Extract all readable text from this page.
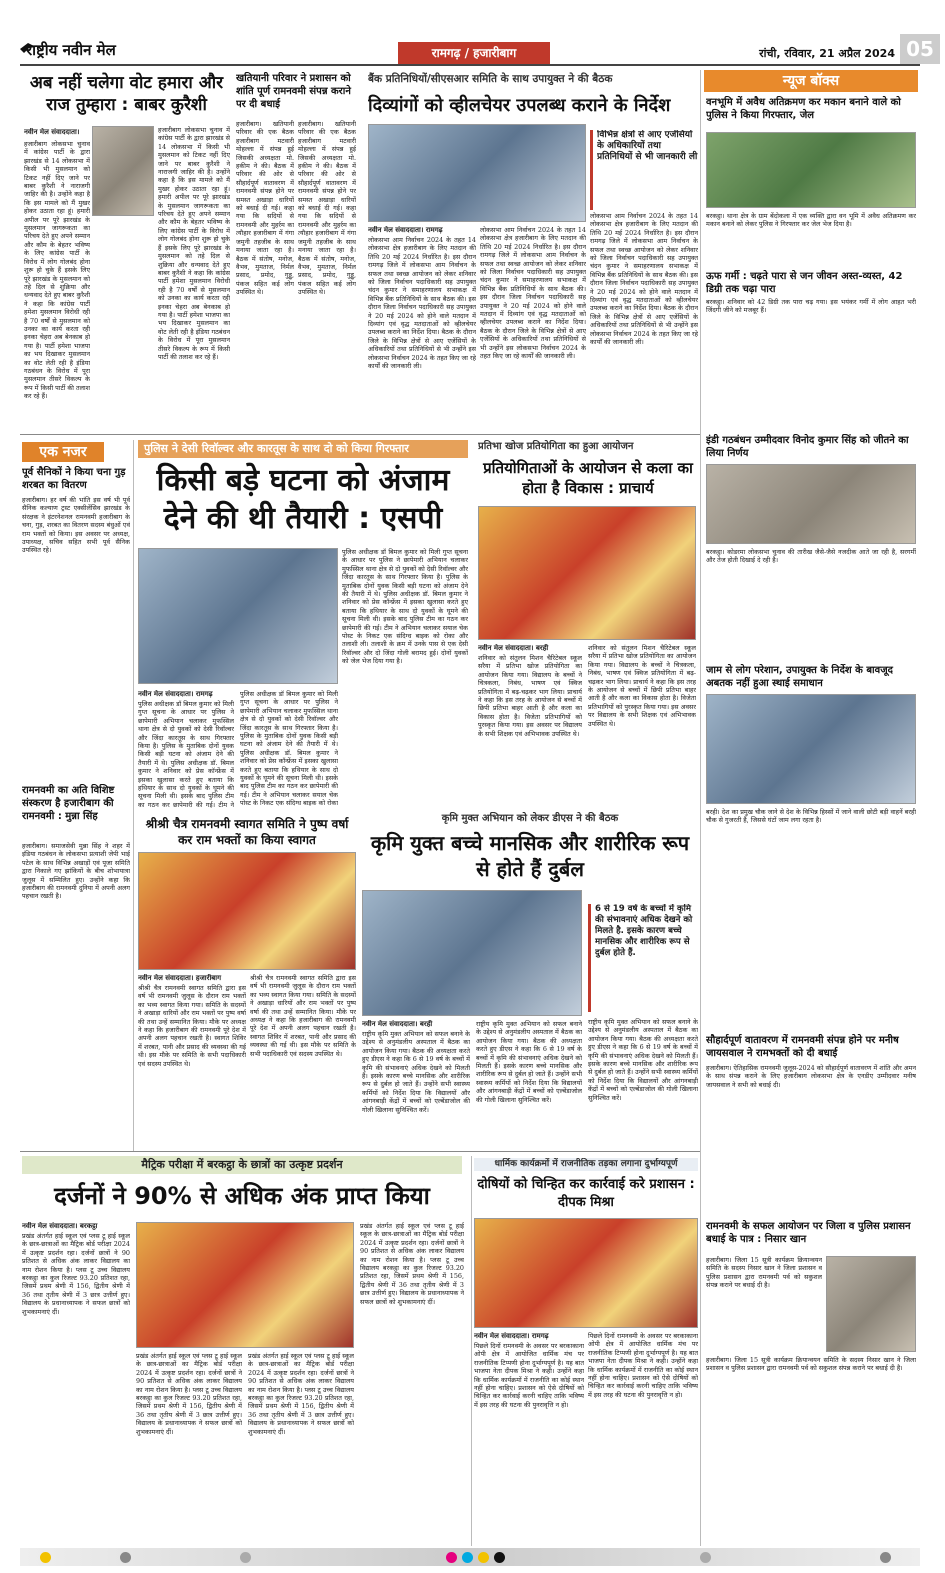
राष्ट्रीय नवीन मेल	रामगढ़ / हजारीबाग	रांची, रविवार, 21 अप्रैल 2024 05
अब नहीं चलेगा वोट हमारा और राज तुम्हारा : बाबर कुरैशी
नवीन मेल संवाददाता।
हजारीबाग लोकसभा चुनाव में कांग्रेस पार्टी के द्वारा झारखंड से 14 लोकसभा में किसी भी मुसलमान को टिकट नहीं दिए जाने पर बाबर कुरैशी ने नाराजगी जाहिर की है। उन्होंने कहा है कि इस मामले को मैं मुखर होकर उठाता रहा हूं। हमारी अपील पर पूरे झारखंड के मुसलमान जागरूकता का परिचय देते हुए अपने सम्मान और कौम के बेहतर भविष्य के लिए कांग्रेस पार्टी के विरोध में लोग गोलबंद होना शुरू हो चुके हैं इसके लिए पूरे झारखंड के मुसलमान को तहे दिल से शुक्रिया और धन्यवाद देते हुए बाबर कुरैशी ने कहा कि कांग्रेस पार्टी हमेशा मुसलमान विरोधी रही है 70 वर्षों से मुसलमान को उनका का कार्य करता रही इनका चेहरा अब बेनकाब हो गया है। पार्टी हमेशा भाजपा का भय दिखाकर मुसलमान का वोट लेती रही है इंडिया गठबंधन के विरोध में पूरा मुसलमान तीसरे विकल्प के रूप में किसी पार्टी की तलाश कर रहे हैं।
हजारीबाग लोकसभा चुनाव में कांग्रेस पार्टी के द्वारा झारखंड से 14 लोकसभा में किसी भी मुसलमान को टिकट नहीं दिए जाने पर बाबर कुरैशी ने नाराजगी जाहिर की है। उन्होंने कहा है कि इस मामले को मैं मुखर होकर उठाता रहा हूं। हमारी अपील पर पूरे झारखंड के मुसलमान जागरूकता का परिचय देते हुए अपने सम्मान और कौम के बेहतर भविष्य के लिए कांग्रेस पार्टी के विरोध में लोग गोलबंद होना शुरू हो चुके हैं इसके लिए पूरे झारखंड के मुसलमान को तहे दिल से शुक्रिया और धन्यवाद देते हुए बाबर कुरैशी ने कहा कि कांग्रेस पार्टी हमेशा मुसलमान विरोधी रही है 70 वर्षों से मुसलमान को उनका का कार्य करता रही इनका चेहरा अब बेनकाब हो गया है। पार्टी हमेशा भाजपा का भय दिखाकर मुसलमान का वोट लेती रही है इंडिया गठबंधन के विरोध में पूरा मुसलमान तीसरे विकल्प के रूप में किसी पार्टी की तलाश कर रहे हैं।
खतियानी परिवार ने प्रशासन को शांति पूर्ण रामनवमी संपन्न कराने पर दी बधाई
हजारीबाग। खतियानी परिवार की एक बैठक हजारीबाग मटवारी मोहल्ला में संपन्न हुई जिसकी अध्यक्षता मो. हकीम ने की। बैठक में परिवार की ओर से सौहार्दपूर्ण वातावरण में रामनवमी संपन्न होने पर समस्त अखाड़ा धारियों को बधाई दी गई। कहा गया कि सदियों से रामनवमी और मुहर्रम का त्यौहार हजारीबाग में गंगा जमुनी तहजीब के साथ मनाया जाता रहा है। बैठक में संतोष, मनोज, वैभव, मुमताज, निर्मल प्रसाद, प्रमोद, गुड्डू, पंकज सहित कई लोग उपस्थित थे।
हजारीबाग। खतियानी परिवार की एक बैठक हजारीबाग मटवारी मोहल्ला में संपन्न हुई जिसकी अध्यक्षता मो. हकीम ने की। बैठक में परिवार की ओर से सौहार्दपूर्ण वातावरण में रामनवमी संपन्न होने पर समस्त अखाड़ा धारियों को बधाई दी गई। कहा गया कि सदियों से रामनवमी और मुहर्रम का त्यौहार हजारीबाग में गंगा जमुनी तहजीब के साथ मनाया जाता रहा है। बैठक में संतोष, मनोज, वैभव, मुमताज, निर्मल प्रसाद, प्रमोद, गुड्डू, पंकज सहित कई लोग उपस्थित थे।
बैंक प्रतिनिधियों/सीएसआर समिति के साथ उपायुक्त ने की बैठक
दिव्यांगों को व्हीलचेयर उपलब्ध कराने के निर्देश
विभिन्न क्षेत्रों से आए एजेंसियों के अधिकारियों तथा प्रतिनिधियों से भी जानकारी ली
नवीन मेल संवाददाता। रामगढ़
लोकसभा आम निर्वाचन 2024 के तहत 14 लोकसभा क्षेत्र हजारीबाग के लिए मतदान की तिथि 20 मई 2024 निर्धारित है। इस दौरान रामगढ़ जिले में लोकसभा आम निर्वाचन के सफल तथा स्वच्छ आयोजन को लेकर शनिवार को जिला निर्वाचन पदाधिकारी सह उपायुक्त चंदन कुमार ने समाहरणालय सभाकक्ष में विभिन्न बैंक प्रतिनिधियों के साथ बैठक की। इस दौरान जिला निर्वाचन पदाधिकारी सह उपायुक्त ने 20 मई 2024 को होने वाले मतदान में दिव्यांग एवं वृद्ध मतदाताओं को व्हीलचेयर उपलब्ध कराने का निर्देश दिया। बैठक के दौरान जिले के विभिन्न क्षेत्रों से आए एजेंसियों के अधिकारियों तथा प्रतिनिधियों से भी उन्होंने इस लोकसभा निर्वाचन 2024 के तहत किए जा रहे कार्यों की जानकारी ली।
लोकसभा आम निर्वाचन 2024 के तहत 14 लोकसभा क्षेत्र हजारीबाग के लिए मतदान की तिथि 20 मई 2024 निर्धारित है। इस दौरान रामगढ़ जिले में लोकसभा आम निर्वाचन के सफल तथा स्वच्छ आयोजन को लेकर शनिवार को जिला निर्वाचन पदाधिकारी सह उपायुक्त चंदन कुमार ने समाहरणालय सभाकक्ष में विभिन्न बैंक प्रतिनिधियों के साथ बैठक की। इस दौरान जिला निर्वाचन पदाधिकारी सह उपायुक्त ने 20 मई 2024 को होने वाले मतदान में दिव्यांग एवं वृद्ध मतदाताओं को व्हीलचेयर उपलब्ध कराने का निर्देश दिया। बैठक के दौरान जिले के विभिन्न क्षेत्रों से आए एजेंसियों के अधिकारियों तथा प्रतिनिधियों से भी उन्होंने इस लोकसभा निर्वाचन 2024 के तहत किए जा रहे कार्यों की जानकारी ली।
लोकसभा आम निर्वाचन 2024 के तहत 14 लोकसभा क्षेत्र हजारीबाग के लिए मतदान की तिथि 20 मई 2024 निर्धारित है। इस दौरान रामगढ़ जिले में लोकसभा आम निर्वाचन के सफल तथा स्वच्छ आयोजन को लेकर शनिवार को जिला निर्वाचन पदाधिकारी सह उपायुक्त चंदन कुमार ने समाहरणालय सभाकक्ष में विभिन्न बैंक प्रतिनिधियों के साथ बैठक की। इस दौरान जिला निर्वाचन पदाधिकारी सह उपायुक्त ने 20 मई 2024 को होने वाले मतदान में दिव्यांग एवं वृद्ध मतदाताओं को व्हीलचेयर उपलब्ध कराने का निर्देश दिया। बैठक के दौरान जिले के विभिन्न क्षेत्रों से आए एजेंसियों के अधिकारियों तथा प्रतिनिधियों से भी उन्होंने इस लोकसभा निर्वाचन 2024 के तहत किए जा रहे कार्यों की जानकारी ली।
न्यूज बॉक्स
वनभूमि में अवैध अतिक्रमण कर मकान बनाने वाले को पुलिस ने किया गिरफ्तार, जेल
बरकट्ठा। थाना क्षेत्र के ग्राम बेंदोकला में एक व्यक्ति द्वारा वन भूमि में अवैध अतिक्रमण कर मकान बनाने को लेकर पुलिस ने गिरफ्तार कर जेल भेज दिया है।
ऊफ गर्मी : चढ़ते पारा से जन जीवन अस्त-व्यस्त, 42 डिग्री तक चढ़ा पारा
बरकट्ठा। शनिवार को 42 डिग्री तक पारा चढ़ गया। इस भयंकर गर्मी में लोग आहत भरी जिंदगी जीने को मजबूर हैं।
इंडी गठबंधन उम्मीदवार विनोद कुमार सिंह को जीतने का लिया निर्णय
बरकट्ठा। कोडरमा लोकसभा चुनाव की तारीख जैसे-जैसे नजदीक आते जा रही है, सरगर्मी और तेज होती दिखाई दे रही है।
जाम से लोग परेशान, उपायुक्त के निर्देश के बावजूद अबतक नहीं हुआ स्थाई समाधान
बरही। देश का प्रमुख चौक जाने से देश के विभिन्न हिस्सों में जाने वाली छोटी बड़ी वाहनें बरही चौक से गुजरती हैं, जिससे घंटों जाम लगा रहता है।
सौहार्दपूर्ण वातावरण में रामनवमी संपन्न होने पर मनीष जायसवाल ने रामभक्तों को दी बधाई
हजारीबाग। ऐतिहासिक रामनवमी जुलूस-2024 को सौहार्दपूर्ण वातावरण में शांति और अमन के साथ संपन्न कराने के लिए हजारीबाग लोकसभा क्षेत्र के एनडीए उम्मीदवार मनीष जायसवाल ने सभी को बधाई दी।
रामनवमी के सफल आयोजन पर जिला व पुलिस प्रशासन बधाई के पात्र : निसार खान
हजारीबाग। जिला 15 सूत्री कार्यक्रम क्रियान्वयन समिति के सदस्य निसार खान ने जिला प्रशासन व पुलिस प्रशासन द्वारा रामनवमी पर्व को सकुशल संपन्न कराने पर बधाई दी है।
हजारीबाग। जिला 15 सूत्री कार्यक्रम क्रियान्वयन समिति के सदस्य निसार खान ने जिला प्रशासन व पुलिस प्रशासन द्वारा रामनवमी पर्व को सकुशल संपन्न कराने पर बधाई दी है।
एक नजर
पूर्व सैनिकों ने किया चना गुड़ शरबत का वितरण
हजारीबाग। हर वर्ष की भांति इस वर्ष भी पूर्व सैनिक कल्याण ट्रस्ट एक्सीलेंसिव झारखंड के संरक्षक ने इंटरनेशनल रामनवमी हजारीबाग के चना, गुड़, शरबत का वितरण सदस्य बंधुओं एवं राम भक्तों को किया। इस अवसर पर अध्यक्ष, उपाध्यक्ष, सचिव सहित सभी पूर्व सैनिक उपस्थित रहे।
रामनवमी का अति विशिष्ट संस्करण है हजारीबाग की रामनवमी : मुन्ना सिंह
हजारीबाग। समाजसेवी मुन्ना सिंह ने शहर में इंडिया गठबंधन के लोकसभा प्रत्याशी जेपी भाई पटेल के साथ विभिन्न अखाड़ों एवं पूजा समिति द्वारा निकाले गए झांकियों के बीच शोभायात्रा जुलूस में सम्मिलित हुए। उन्होंने कहा कि हजारीबाग की रामनवमी दुनिया में अपनी अलग पहचान रखती है।
पुलिस ने देसी रिवॉल्वर और कारतूस के साथ दो को किया गिरफ्तार
किसी बड़े घटना को अंजाम देने की थी तैयारी : एसपी
नवीन मेल संवाददाता। रामगढ़
पुलिस अधीक्षक डॉ बिमल कुमार को मिली गुप्त सूचना के आधार पर पुलिस ने छापेमारी अभियान चलाकर मुफस्सिल थाना क्षेत्र से दो युवकों को देसी रिवॉल्वर और जिंदा कारतूस के साथ गिरफ्तार किया है। पुलिस के मुताबिक दोनों युवक किसी बड़ी घटना को अंजाम देने की तैयारी में थे। पुलिस अधीक्षक डॉ. बिमल कुमार ने शनिवार को प्रेस कॉन्फ्रेंस में इसका खुलासा करते हुए बताया कि हथियार के साथ दो युवकों के घूमने की सूचना मिली थी। इसके बाद पुलिस टीम का गठन कर छापेमारी की गई। टीम ने
पुलिस अधीक्षक डॉ बिमल कुमार को मिली गुप्त सूचना के आधार पर पुलिस ने छापेमारी अभियान चलाकर मुफस्सिल थाना क्षेत्र से दो युवकों को देसी रिवॉल्वर और जिंदा कारतूस के साथ गिरफ्तार किया है। पुलिस के मुताबिक दोनों युवक किसी बड़ी घटना को अंजाम देने की तैयारी में थे। पुलिस अधीक्षक डॉ. बिमल कुमार ने शनिवार को प्रेस कॉन्फ्रेंस में इसका खुलासा करते हुए बताया कि हथियार के साथ दो युवकों के घूमने की सूचना मिली थी। इसके बाद पुलिस टीम का गठन कर छापेमारी की गई। टीम ने अभियान चलाकर सयाल चेक पोस्ट के निकट एक संदिग्ध बाइक को रोका
पुलिस अधीक्षक डॉ बिमल कुमार को मिली गुप्त सूचना के आधार पर पुलिस ने छापेमारी अभियान चलाकर मुफस्सिल थाना क्षेत्र से दो युवकों को देसी रिवॉल्वर और जिंदा कारतूस के साथ गिरफ्तार किया है। पुलिस के मुताबिक दोनों युवक किसी बड़ी घटना को अंजाम देने की तैयारी में थे। पुलिस अधीक्षक डॉ. बिमल कुमार ने शनिवार को प्रेस कॉन्फ्रेंस में इसका खुलासा करते हुए बताया कि हथियार के साथ दो युवकों के घूमने की सूचना मिली थी। इसके बाद पुलिस टीम का गठन कर छापेमारी की गई। टीम ने अभियान चलाकर सयाल चेक पोस्ट के निकट एक संदिग्ध बाइक को रोका और तलाशी ली। तलाशी के क्रम में उनके पास से एक देसी रिवॉल्वर और दो जिंदा गोली बरामद हुई। दोनों युवकों को जेल भेज दिया गया है।
प्रतिभा खोज प्रतियोगिता का हुआ आयोजन
प्रतियोगिताओं के आयोजन से कला का होता है विकास : प्राचार्य
नवीन मेल संवाददाता। बरही
शनिवार को संतुलन मिशन चैरिटेबल स्कूल सरैया में प्रतिभा खोज प्रतियोगिता का आयोजन किया गया। विद्यालय के बच्चों ने चित्रकला, निबंध, भाषण एवं क्विज प्रतियोगिता में बढ़-चढ़कर भाग लिया। प्राचार्य ने कहा कि इस तरह के आयोजन से बच्चों में छिपी प्रतिभा बाहर आती है और कला का विकास होता है। विजेता प्रतिभागियों को पुरस्कृत किया गया। इस अवसर पर विद्यालय के सभी शिक्षक एवं अभिभावक उपस्थित थे।
शनिवार को संतुलन मिशन चैरिटेबल स्कूल सरैया में प्रतिभा खोज प्रतियोगिता का आयोजन किया गया। विद्यालय के बच्चों ने चित्रकला, निबंध, भाषण एवं क्विज प्रतियोगिता में बढ़-चढ़कर भाग लिया। प्राचार्य ने कहा कि इस तरह के आयोजन से बच्चों में छिपी प्रतिभा बाहर आती है और कला का विकास होता है। विजेता प्रतिभागियों को पुरस्कृत किया गया। इस अवसर पर विद्यालय के सभी शिक्षक एवं अभिभावक उपस्थित थे।
श्रीश्री चैत्र रामनवमी स्वागत समिति ने पुष्प वर्षा कर राम भक्तों का किया स्वागत
नवीन मेल संवाददाता। हजारीबाग
श्रीश्री चैत्र रामनवमी स्वागत समिति द्वारा इस वर्ष भी रामनवमी जुलूस के दौरान राम भक्तों का भव्य स्वागत किया गया। समिति के सदस्यों ने अखाड़ा धारियों और राम भक्तों पर पुष्प वर्षा की तथा उन्हें सम्मानित किया। मौके पर अध्यक्ष ने कहा कि हजारीबाग की रामनवमी पूरे देश में अपनी अलग पहचान रखती है। स्वागत शिविर में शरबत, पानी और प्रसाद की व्यवस्था की गई थी। इस मौके पर समिति के सभी पदाधिकारी एवं सदस्य उपस्थित थे।
श्रीश्री चैत्र रामनवमी स्वागत समिति द्वारा इस वर्ष भी रामनवमी जुलूस के दौरान राम भक्तों का भव्य स्वागत किया गया। समिति के सदस्यों ने अखाड़ा धारियों और राम भक्तों पर पुष्प वर्षा की तथा उन्हें सम्मानित किया। मौके पर अध्यक्ष ने कहा कि हजारीबाग की रामनवमी पूरे देश में अपनी अलग पहचान रखती है। स्वागत शिविर में शरबत, पानी और प्रसाद की व्यवस्था की गई थी। इस मौके पर समिति के सभी पदाधिकारी एवं सदस्य उपस्थित थे।
कृमि मुक्त अभियान को लेकर डीएस ने की बैठक
कृमि युक्त बच्चे मानसिक और शारीरिक रूप से होते हैं दुर्बल
6 से 19 वर्ष के बच्चों में कृमि की संभावनाएं अधिक देखने को मिलते है. इसके कारण बच्चे मानसिक और शारीरिक रूप से दुर्बल होते हैं.
नवीन मेल संवाददाता। बरही
राष्ट्रीय कृमि मुक्त अभियान को सफल बनाने के उद्देश्य से अनुमंडलीय अस्पताल में बैठक का आयोजन किया गया। बैठक की अध्यक्षता करते हुए डीएस ने कहा कि 6 से 19 वर्ष के बच्चों में कृमि की संभावनाएं अधिक देखने को मिलती हैं। इसके कारण बच्चे मानसिक और शारीरिक रूप से दुर्बल हो जाते हैं। उन्होंने सभी स्वास्थ्य कर्मियों को निर्देश दिया कि विद्यालयों और आंगनबाड़ी केंद्रों में बच्चों को एल्बेंडाजोल की गोली खिलाना सुनिश्चित करें।
राष्ट्रीय कृमि मुक्त अभियान को सफल बनाने के उद्देश्य से अनुमंडलीय अस्पताल में बैठक का आयोजन किया गया। बैठक की अध्यक्षता करते हुए डीएस ने कहा कि 6 से 19 वर्ष के बच्चों में कृमि की संभावनाएं अधिक देखने को मिलती हैं। इसके कारण बच्चे मानसिक और शारीरिक रूप से दुर्बल हो जाते हैं। उन्होंने सभी स्वास्थ्य कर्मियों को निर्देश दिया कि विद्यालयों और आंगनबाड़ी केंद्रों में बच्चों को एल्बेंडाजोल की गोली खिलाना सुनिश्चित करें।
राष्ट्रीय कृमि मुक्त अभियान को सफल बनाने के उद्देश्य से अनुमंडलीय अस्पताल में बैठक का आयोजन किया गया। बैठक की अध्यक्षता करते हुए डीएस ने कहा कि 6 से 19 वर्ष के बच्चों में कृमि की संभावनाएं अधिक देखने को मिलती हैं। इसके कारण बच्चे मानसिक और शारीरिक रूप से दुर्बल हो जाते हैं। उन्होंने सभी स्वास्थ्य कर्मियों को निर्देश दिया कि विद्यालयों और आंगनबाड़ी केंद्रों में बच्चों को एल्बेंडाजोल की गोली खिलाना सुनिश्चित करें।
मैट्रिक परीक्षा में बरकट्ठा के छात्रों का उत्कृष्ट प्रदर्शन
दर्जनों ने 90% से अधिक अंक प्राप्त किया
नवीन मेल संवाददाता। बरकट्ठा
प्रखंड अंतर्गत हाई स्कूल एवं प्लस टू हाई स्कूल के छात्र-छात्राओं का मैट्रिक बोर्ड परीक्षा 2024 में उत्कृष्ट प्रदर्शन रहा। दर्जनों छात्रों ने 90 प्रतिशत से अधिक अंक लाकर विद्यालय का नाम रोशन किया है। प्लस टू उच्च विद्यालय बरकट्ठा का कुल रिजल्ट 93.20 प्रतिशत रहा, जिसमें प्रथम श्रेणी में 156, द्वितीय श्रेणी में 36 तथा तृतीय श्रेणी में 3 छात्र उत्तीर्ण हुए। विद्यालय के प्रधानाध्यापक ने सफल छात्रों को शुभकामनाएं दीं।
प्रखंड अंतर्गत हाई स्कूल एवं प्लस टू हाई स्कूल के छात्र-छात्राओं का मैट्रिक बोर्ड परीक्षा 2024 में उत्कृष्ट प्रदर्शन रहा। दर्जनों छात्रों ने 90 प्रतिशत से अधिक अंक लाकर विद्यालय का नाम रोशन किया है। प्लस टू उच्च विद्यालय बरकट्ठा का कुल रिजल्ट 93.20 प्रतिशत रहा, जिसमें प्रथम श्रेणी में 156, द्वितीय श्रेणी में 36 तथा तृतीय श्रेणी में 3 छात्र उत्तीर्ण हुए। विद्यालय के प्रधानाध्यापक ने सफल छात्रों को शुभकामनाएं दीं।
प्रखंड अंतर्गत हाई स्कूल एवं प्लस टू हाई स्कूल के छात्र-छात्राओं का मैट्रिक बोर्ड परीक्षा 2024 में उत्कृष्ट प्रदर्शन रहा। दर्जनों छात्रों ने 90 प्रतिशत से अधिक अंक लाकर विद्यालय का नाम रोशन किया है। प्लस टू उच्च विद्यालय बरकट्ठा का कुल रिजल्ट 93.20 प्रतिशत रहा, जिसमें प्रथम श्रेणी में 156, द्वितीय श्रेणी में 36 तथा तृतीय श्रेणी में 3 छात्र उत्तीर्ण हुए। विद्यालय के प्रधानाध्यापक ने सफल छात्रों को शुभकामनाएं दीं।
प्रखंड अंतर्गत हाई स्कूल एवं प्लस टू हाई स्कूल के छात्र-छात्राओं का मैट्रिक बोर्ड परीक्षा 2024 में उत्कृष्ट प्रदर्शन रहा। दर्जनों छात्रों ने 90 प्रतिशत से अधिक अंक लाकर विद्यालय का नाम रोशन किया है। प्लस टू उच्च विद्यालय बरकट्ठा का कुल रिजल्ट 93.20 प्रतिशत रहा, जिसमें प्रथम श्रेणी में 156, द्वितीय श्रेणी में 36 तथा तृतीय श्रेणी में 3 छात्र उत्तीर्ण हुए। विद्यालय के प्रधानाध्यापक ने सफल छात्रों को शुभकामनाएं दीं।
धार्मिक कार्यक्रमों में राजनीतिक तड़का लगाना दुर्भाग्यपूर्ण
दोषियों को चिन्हित कर कार्रवाई करे प्रशासन : दीपक मिश्रा
नवीन मेल संवाददाता। रामगढ़
पिछले दिनों रामनवमी के अवसर पर बरकाकाना ओपी क्षेत्र में आयोजित धार्मिक मंच पर राजनीतिक टिप्पणी होना दुर्भाग्यपूर्ण है। यह बात भाजपा नेता दीपक मिश्रा ने कही। उन्होंने कहा कि धार्मिक कार्यक्रमों में राजनीति का कोई स्थान नहीं होना चाहिए। प्रशासन को ऐसे दोषियों को चिन्हित कर कार्रवाई करनी चाहिए ताकि भविष्य में इस तरह की घटना की पुनरावृत्ति न हो।
पिछले दिनों रामनवमी के अवसर पर बरकाकाना ओपी क्षेत्र में आयोजित धार्मिक मंच पर राजनीतिक टिप्पणी होना दुर्भाग्यपूर्ण है। यह बात भाजपा नेता दीपक मिश्रा ने कही। उन्होंने कहा कि धार्मिक कार्यक्रमों में राजनीति का कोई स्थान नहीं होना चाहिए। प्रशासन को ऐसे दोषियों को चिन्हित कर कार्रवाई करनी चाहिए ताकि भविष्य में इस तरह की घटना की पुनरावृत्ति न हो।
